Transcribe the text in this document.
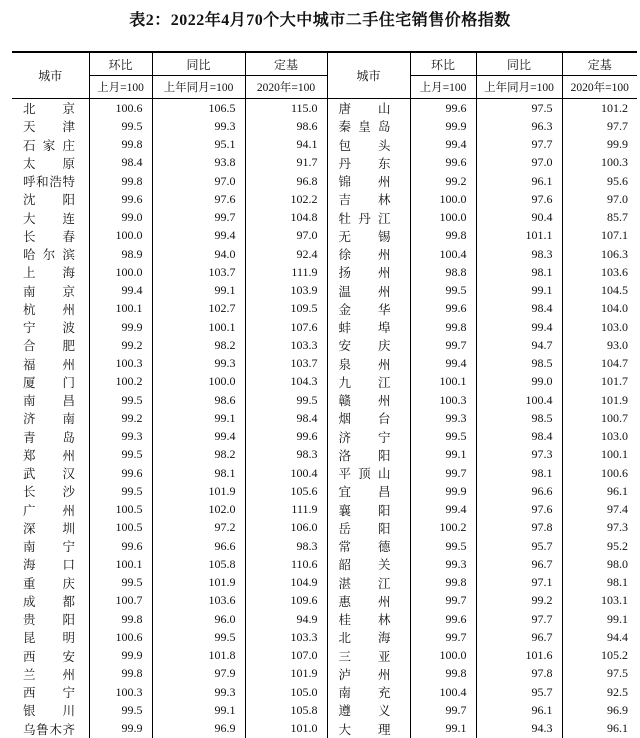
表2：2022年4月70个大中城市二手住宅销售价格指数
城市	环比	同比	定基	城市	环比	同比	定基
	上月=100	上年同月=100	2020年=100		上月=100	上年同月=100	2020年=100
北京	100.6	106.5	115.0	唐山	99.6	97.5	101.2
天津	99.5	99.3	98.6	秦皇岛	99.9	96.3	97.7
石家庄	99.8	95.1	94.1	包头	99.4	97.7	99.9
太原	98.4	93.8	91.7	丹东	99.6	97.0	100.3
呼和浩特	99.8	97.0	96.8	锦州	99.2	96.1	95.6
沈阳	99.6	97.6	102.2	吉林	100.0	97.6	97.0
大连	99.0	99.7	104.8	牡丹江	100.0	90.4	85.7
长春	100.0	99.4	97.0	无锡	99.8	101.1	107.1
哈尔滨	98.9	94.0	92.4	徐州	100.4	98.3	106.3
上海	100.0	103.7	111.9	扬州	98.8	98.1	103.6
南京	99.4	99.1	103.9	温州	99.5	99.1	104.5
杭州	100.1	102.7	109.5	金华	99.6	98.4	104.0
宁波	99.9	100.1	107.6	蚌埠	99.8	99.4	103.0
合肥	99.2	98.2	103.3	安庆	99.7	94.7	93.0
福州	100.3	99.3	103.7	泉州	99.4	98.5	104.7
厦门	100.2	100.0	104.3	九江	100.1	99.0	101.7
南昌	99.5	98.6	99.5	赣州	100.3	100.4	101.9
济南	99.2	99.1	98.4	烟台	99.3	98.5	100.7
青岛	99.3	99.4	99.6	济宁	99.5	98.4	103.0
郑州	99.5	98.2	98.3	洛阳	99.1	97.3	100.1
武汉	99.6	98.1	100.4	平顶山	99.7	98.1	100.6
长沙	99.5	101.9	105.6	宜昌	99.9	96.6	96.1
广州	100.5	102.0	111.9	襄阳	99.4	97.6	97.4
深圳	100.5	97.2	106.0	岳阳	100.2	97.8	97.3
南宁	99.6	96.6	98.3	常德	99.5	95.7	95.2
海口	100.1	105.8	110.6	韶关	99.3	96.7	98.0
重庆	99.5	101.9	104.9	湛江	99.8	97.1	98.1
成都	100.7	103.6	109.6	惠州	99.7	99.2	103.1
贵阳	99.8	96.0	94.9	桂林	99.6	97.7	99.1
昆明	100.6	99.5	103.3	北海	99.7	96.7	94.4
西安	99.9	101.8	107.0	三亚	100.0	101.6	105.2
兰州	99.8	97.9	101.9	泸州	99.8	97.8	97.5
西宁	100.3	99.3	105.0	南充	100.4	95.7	92.5
银川	99.5	99.1	105.8	遵义	99.7	96.1	96.9
乌鲁木齐	99.9	96.9	101.0	大理	99.1	94.3	96.1
